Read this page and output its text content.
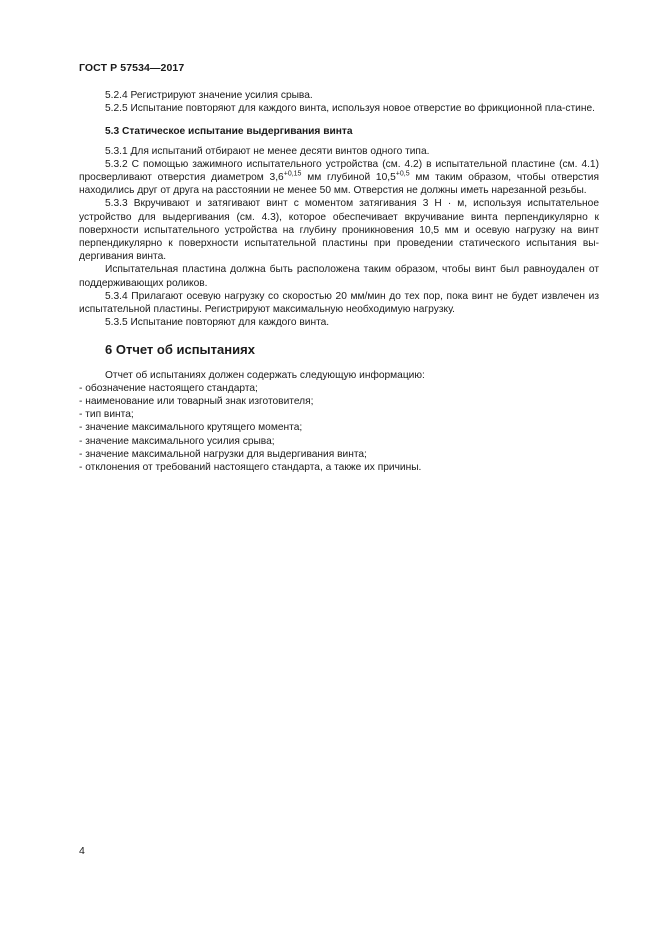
ГОСТ Р 57534—2017

5.2.4 Регистрируют значение усилия срыва.

5.2.5 Испытание повторяют для каждого винта, используя новое отверстие во фрикционной пла-стине.

5.3 Статическое испытание выдергивания винта

5.3.1 Для испытаний отбирают не менее десяти винтов одного типа.

5.3.2 С помощью зажимного испытательного устройства (см. 4.2) в испытательной пластине (см. 4.1) просверливают отверстия диаметром $3,6^{+0,15}$ мм глубиной $10,5^{+0,5}$ мм таким образом, чтобы отверстия находились друг от друга на расстоянии не менее 50 мм. Отверстия не должны иметь нарезанной резьбы.

5.3.3 Вкручивают и затягивают винт с моментом затягивания 3 Н · м, используя испытательное устройство для выдергивания (см. 4.3), которое обеспечивает вкручивание винта перпендикулярно к поверхности испытательного устройства на глубину проникновения 10,5 мм и осевую нагрузку на винт перпендикулярно к поверхности испытательной пластины при проведении статического испытания вы-дергивания винта.

Испытательная пластина должна быть расположена таким образом, чтобы винт был равноудален от поддерживающих роликов.

5.3.4 Прилагают осевую нагрузку со скоростью 20 мм/мин до тех пор, пока винт не будет извлечен из испытательной пластины. Регистрируют максимальную необходимую нагрузку.

5.3.5 Испытание повторяют для каждого винта.

6 Отчет об испытаниях

Отчет об испытаниях должен содержать следующую информацию:

- обозначение настоящего стандарта;
- наименование или товарный знак изготовителя;
- тип винта;
- значение максимального крутящего момента;
- значение максимального усилия срыва;
- значение максимальной нагрузки для выдергивания винта;
- отклонения от требований настоящего стандарта, а также их причины.
4
